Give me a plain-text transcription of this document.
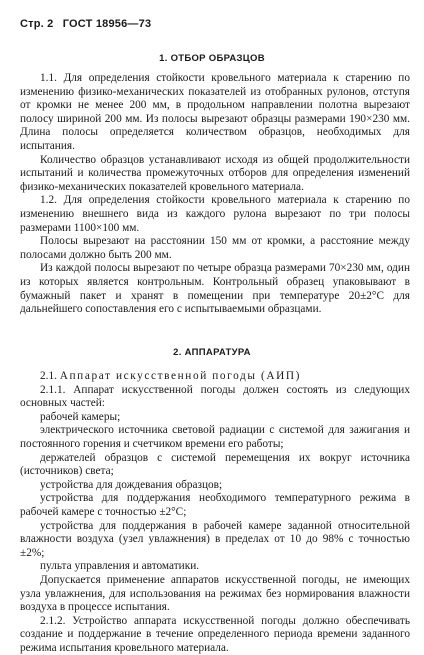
Стр. 2 ГОСТ 18956—73
1. ОТБОР ОБРАЗЦОВ

1.1. Для определения стойкости кровельного материала к старению по изменению физико-механических показателей из отобранных рулонов, отступя от кромки не менее 200 мм, в продольном направлении полотна вырезают полосу шириной 200 мм. Из полосы вырезают образцы размерами 190×230 мм. Длина полосы определяется количеством образцов, необходимых для испытания.

Количество образцов устанавливают исходя из общей продолжительности испытаний и количества промежуточных отборов для определения изменений физико-механических показателей кровельного материала.

1.2. Для определения стойкости кровельного материала к старению по изменению внешнего вида из каждого рулона вырезают по три полосы размерами 1100×100 мм.

Полосы вырезают на расстоянии 150 мм от кромки, а расстояние между полосами должно быть 200 мм.

Из каждой полосы вырезают по четыре образца размерами 70×230 мм, один из которых является контрольным. Контрольный образец упаковывают в бумажный пакет и хранят в помещении при температуре 20±2°С для дальнейшего сопоставления его с испытываемыми образцами.

2. АППАРАТУРА

2.1. Аппарат искусственной погоды (АИП)

2.1.1. Аппарат искусственной погоды должен состоять из следующих основных частей:

рабочей камеры;

электрического источника световой радиации с системой для зажигания и постоянного горения и счетчиком времени его работы;

держателей образцов с системой перемещения их вокруг источника (источников) света;

устройства для дождевания образцов;

устройства для поддержания необходимого температурного режима в рабочей камере с точностью ±2°С;

устройства для поддержания в рабочей камере заданной относительной влажности воздуха (узел увлажнения) в пределах от 10 до 98% с точностью ±2%;

пульта управления и автоматики.

Допускается применение аппаратов искусственной погоды, не имеющих узла увлажнения, для использования на режимах без нормирования влажности воздуха в процессе испытания.

2.1.2. Устройство аппарата искусственной погоды должно обеспечивать создание и поддержание в течение определенного периода времени заданного режима испытания кровельного материала.
